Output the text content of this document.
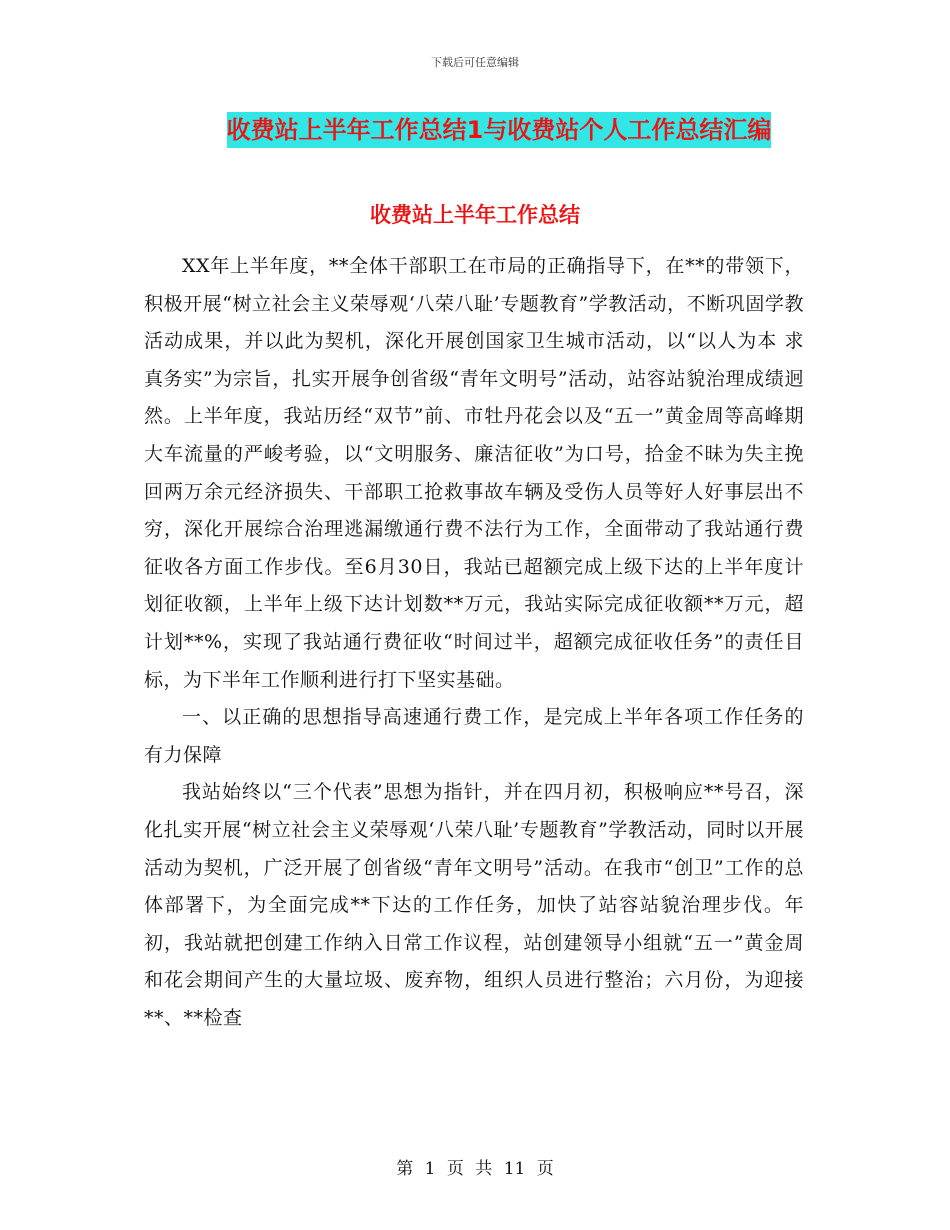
下载后可任意编辑
收费站上半年工作总结1与收费站个人工作总结汇编
收费站上半年工作总结

XX年上半年度，**全体干部职工在市局的正确指导下，在**的带领下，积极开展“树立社会主义荣辱观‘八荣八耻’专题教育”学教活动，不断巩固学教活动成果，并以此为契机，深化开展创国家卫生城市活动，以“以人为本 求真务实”为宗旨，扎实开展争创省级“青年文明号”活动，站容站貌治理成绩迥然。上半年度，我站历经“双节”前、市牡丹花会以及“五一”黄金周等高峰期大车流量的严峻考验，以“文明服务、廉洁征收”为口号，拾金不昧为失主挽回两万余元经济损失、干部职工抢救事故车辆及受伤人员等好人好事层出不穷，深化开展综合治理逃漏缴通行费不法行为工作，全面带动了我站通行费征收各方面工作步伐。至6月30日，我站已超额完成上级下达的上半年度计划征收额，上半年上级下达计划数**万元，我站实际完成征收额**万元，超计划**%，实现了我站通行费征收“时间过半，超额完成征收任务”的责任目标，为下半年工作顺利进行打下坚实基础。

一、以正确的思想指导高速通行费工作，是完成上半年各项工作任务的有力保障

我站始终以“三个代表”思想为指针，并在四月初，积极响应**号召，深化扎实开展“树立社会主义荣辱观‘八荣八耻’专题教育”学教活动，同时以开展活动为契机，广泛开展了创省级“青年文明号”活动。在我市“创卫”工作的总体部署下，为全面完成**下达的工作任务，加快了站容站貌治理步伐。年初，我站就把创建工作纳入日常工作议程，站创建领导小组就“五一”黄金周和花会期间产生的大量垃圾、废弃物，组织人员进行整治；六月份，为迎接**、**检查

第 1 页 共 11 页
